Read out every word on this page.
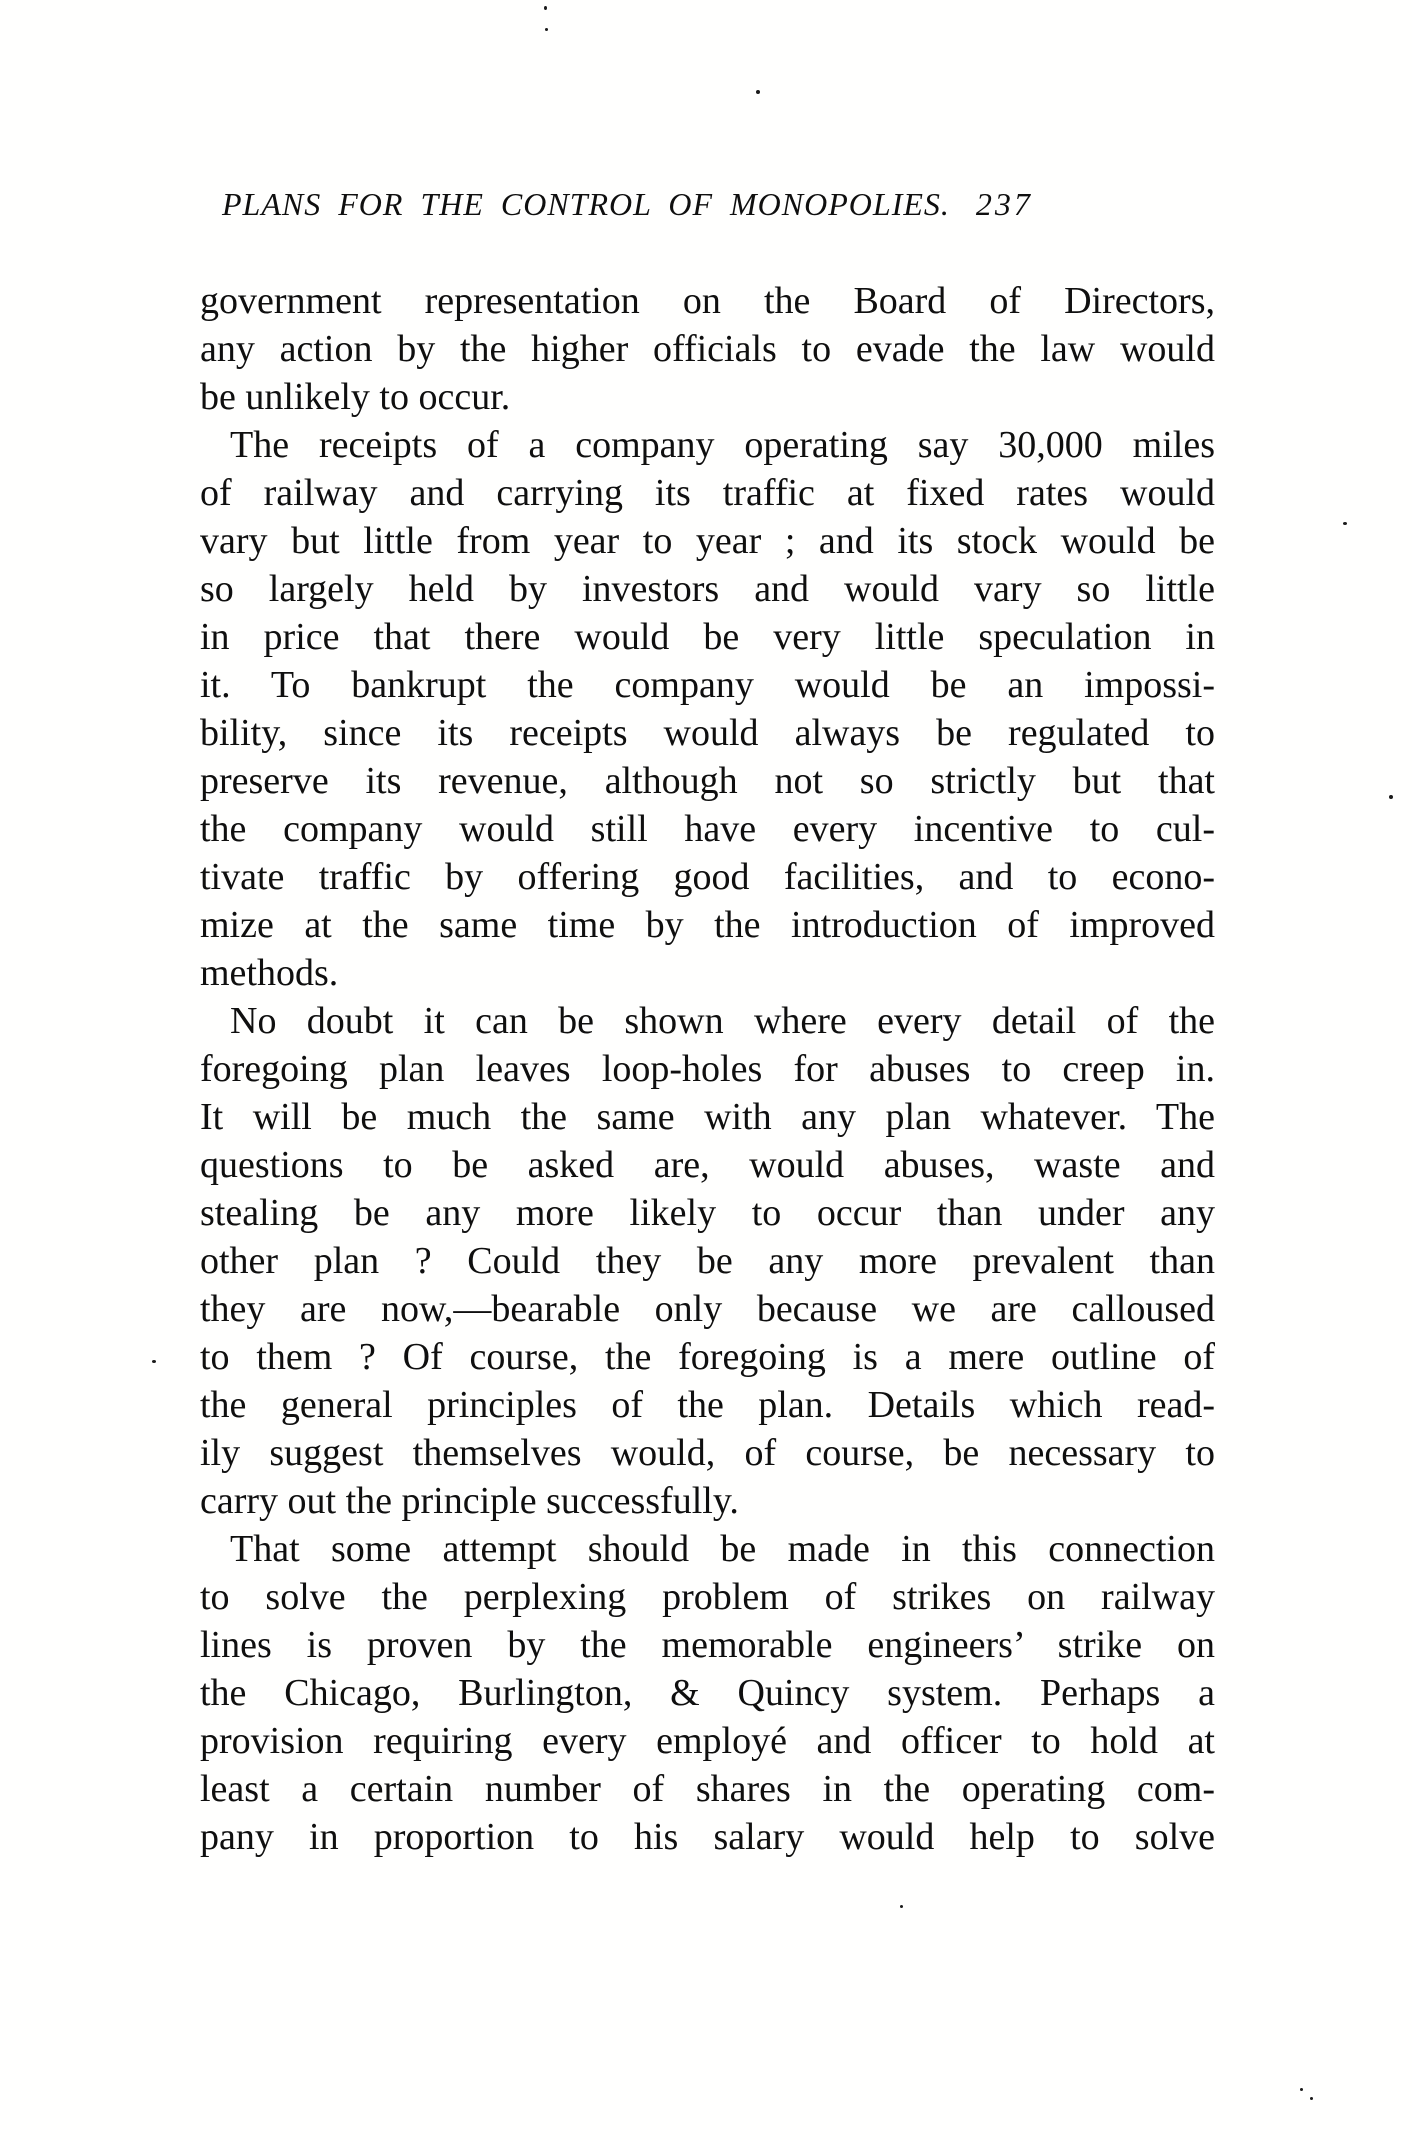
PLANS FOR THE CONTROL OF MONOPOLIES. 237
government representation on the Board of Directors,
any action by the higher officials to evade the law would
be unlikely to occur.
The receipts of a company operating say 30,000 miles
of railway and carrying its traffic at fixed rates would
vary but little from year to year ; and its stock would be
so largely held by investors and would vary so little
in price that there would be very little speculation in
it. To bankrupt the company would be an impossi-
bility, since its receipts would always be regulated to
preserve its revenue, although not so strictly but that
the company would still have every incentive to cul-
tivate traffic by offering good facilities, and to econo-
mize at the same time by the introduction of improved
methods.
No doubt it can be shown where every detail of the
foregoing plan leaves loop-holes for abuses to creep in.
It will be much the same with any plan whatever. The
questions to be asked are, would abuses, waste and
stealing be any more likely to occur than under any
other plan ? Could they be any more prevalent than
they are now,—bearable only because we are calloused
to them ? Of course, the foregoing is a mere outline of
the general principles of the plan. Details which read-
ily suggest themselves would, of course, be necessary to
carry out the principle successfully.
That some attempt should be made in this connection
to solve the perplexing problem of strikes on railway
lines is proven by the memorable engineers’ strike on
the Chicago, Burlington, & Quincy system. Perhaps a
provision requiring every employé and officer to hold at
least a certain number of shares in the operating com-
pany in proportion to his salary would help to solve
